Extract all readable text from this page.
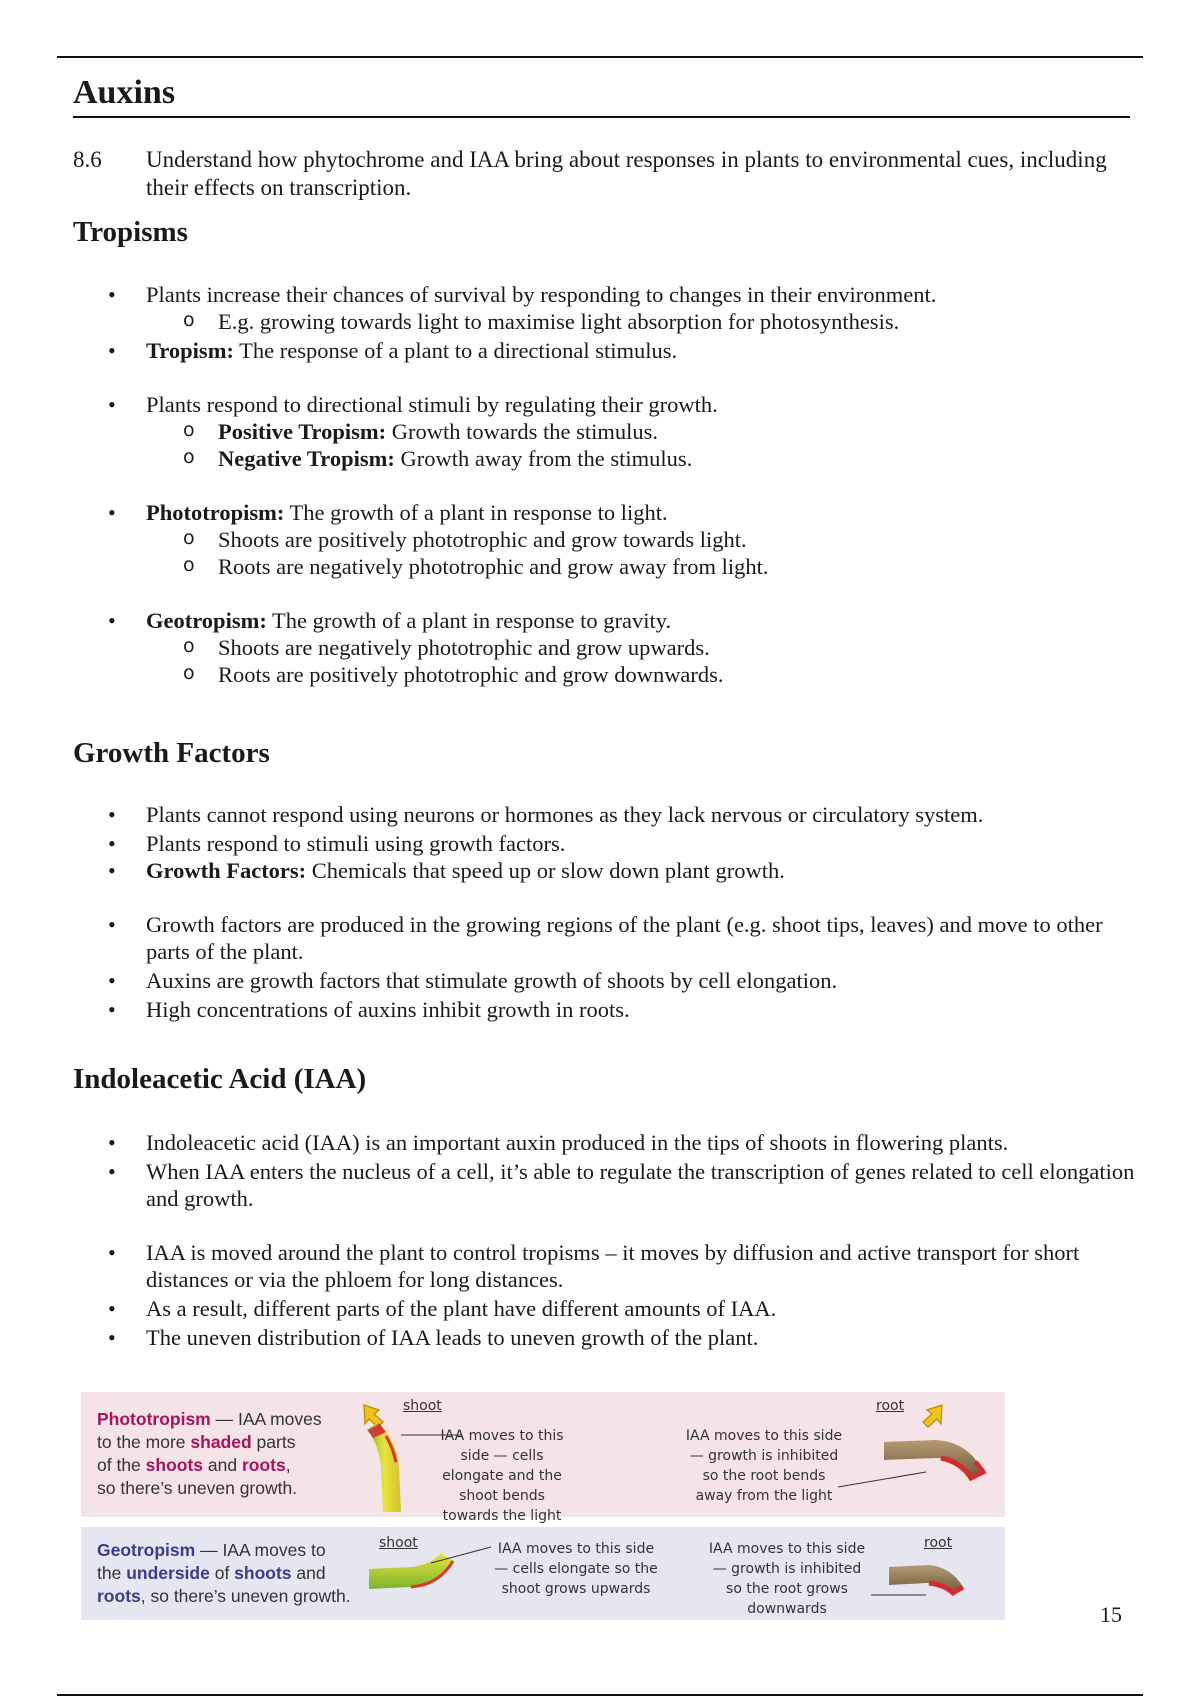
Auxins
8.6 Understand how phytochrome and IAA bring about responses in plants to environmental cues, including their effects on transcription.
Tropisms
• Plants increase their chances of survival by responding to changes in their environment.
o E.g. growing towards light to maximise light absorption for photosynthesis.
• Tropism: The response of a plant to a directional stimulus.
• Plants respond to directional stimuli by regulating their growth.
o Positive Tropism: Growth towards the stimulus.
o Negative Tropism: Growth away from the stimulus.
• Phototropism: The growth of a plant in response to light.
o Shoots are positively phototrophic and grow towards light.
o Roots are negatively phototrophic and grow away from light.
• Geotropism: The growth of a plant in response to gravity.
o Shoots are negatively phototrophic and grow upwards.
o Roots are positively phototrophic and grow downwards.
Growth Factors
• Plants cannot respond using neurons or hormones as they lack nervous or circulatory system.
• Plants respond to stimuli using growth factors.
• Growth Factors: Chemicals that speed up or slow down plant growth.
• Growth factors are produced in the growing regions of the plant (e.g. shoot tips, leaves) and move to other parts of the plant.
• Auxins are growth factors that stimulate growth of shoots by cell elongation.
• High concentrations of auxins inhibit growth in roots.
Indoleacetic Acid (IAA)
• Indoleacetic acid (IAA) is an important auxin produced in the tips of shoots in flowering plants.
• When IAA enters the nucleus of a cell, it’s able to regulate the transcription of genes related to cell elongation and growth.
• IAA is moved around the plant to control tropisms – it moves by diffusion and active transport for short distances or via the phloem for long distances.
• As a result, different parts of the plant have different amounts of IAA.
• The uneven distribution of IAA leads to uneven growth of the plant.
Phototropism — IAA moves
to the more shaded parts
of the shoots and roots,
so there’s uneven growth.
shoot	root
IAA moves to this side — cells elongate and the shoot bends towards the light
IAA moves to this side — growth is inhibited so the root bends away from the light
Geotropism — IAA moves to
the underside of shoots and
roots, so there’s uneven growth.
shoot	root
IAA moves to this side — cells elongate so the shoot grows upwards
IAA moves to this side — growth is inhibited so the root grows downwards	15
